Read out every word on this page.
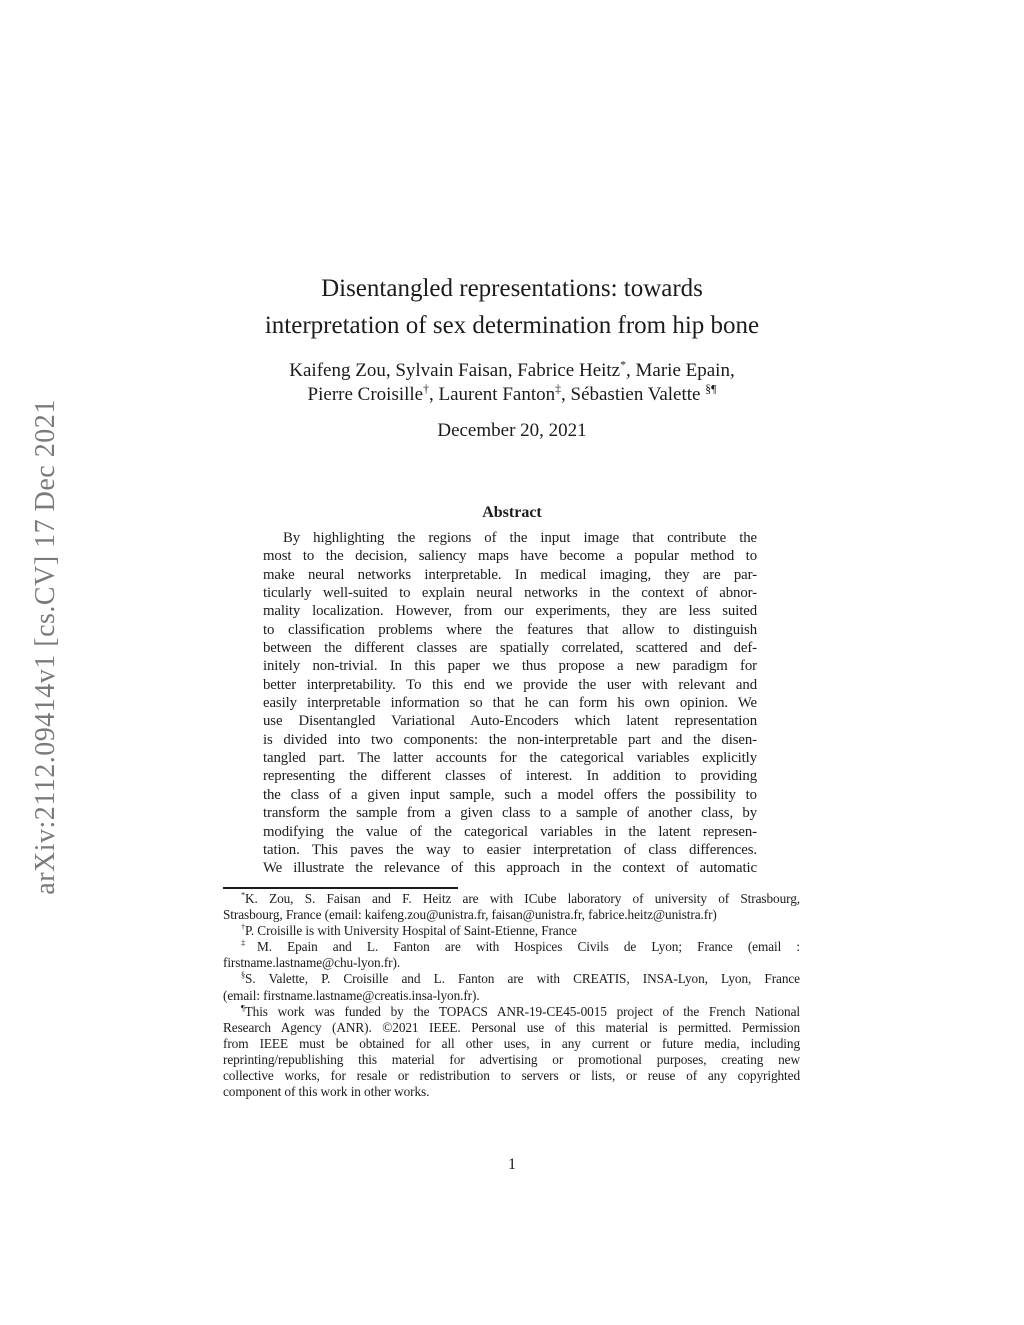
arXiv:2112.09414v1 [cs.CV] 17 Dec 2021
Disentangled representations: towards
interpretation of sex determination from hip bone
Kaifeng Zou, Sylvain Faisan, Fabrice Heitz*, Marie Epain,
Pierre Croisille†, Laurent Fanton‡, Sébastien Valette §¶
December 20, 2021
Abstract
By highlighting the regions of the input image that contribute the
most to the decision, saliency maps have become a popular method to
make neural networks interpretable. In medical imaging, they are par-
ticularly well-suited to explain neural networks in the context of abnor-
mality localization. However, from our experiments, they are less suited
to classification problems where the features that allow to distinguish
between the different classes are spatially correlated, scattered and def-
initely non-trivial. In this paper we thus propose a new paradigm for
better interpretability. To this end we provide the user with relevant and
easily interpretable information so that he can form his own opinion. We
use Disentangled Variational Auto-Encoders which latent representation
is divided into two components: the non-interpretable part and the disen-
tangled part. The latter accounts for the categorical variables explicitly
representing the different classes of interest. In addition to providing
the class of a given input sample, such a model offers the possibility to
transform the sample from a given class to a sample of another class, by
modifying the value of the categorical variables in the latent represen-
tation. This paves the way to easier interpretation of class differences.
We illustrate the relevance of this approach in the context of automatic
*K. Zou, S. Faisan and F. Heitz are with ICube laboratory of university of Strasbourg,
Strasbourg, France (email: kaifeng.zou@unistra.fr, faisan@unistra.fr, fabrice.heitz@unistra.fr)
†P. Croisille is with University Hospital of Saint-Etienne, France
‡M. Epain and L. Fanton are with Hospices Civils de Lyon; France (email :
firstname.lastname@chu-lyon.fr).
§S. Valette, P. Croisille and L. Fanton are with CREATIS, INSA-Lyon, Lyon, France
(email: firstname.lastname@creatis.insa-lyon.fr).
¶This work was funded by the TOPACS ANR-19-CE45-0015 project of the French National
Research Agency (ANR). ©2021 IEEE. Personal use of this material is permitted. Permission
from IEEE must be obtained for all other uses, in any current or future media, including
reprinting/republishing this material for advertising or promotional purposes, creating new
collective works, for resale or redistribution to servers or lists, or reuse of any copyrighted
component of this work in other works.
1
